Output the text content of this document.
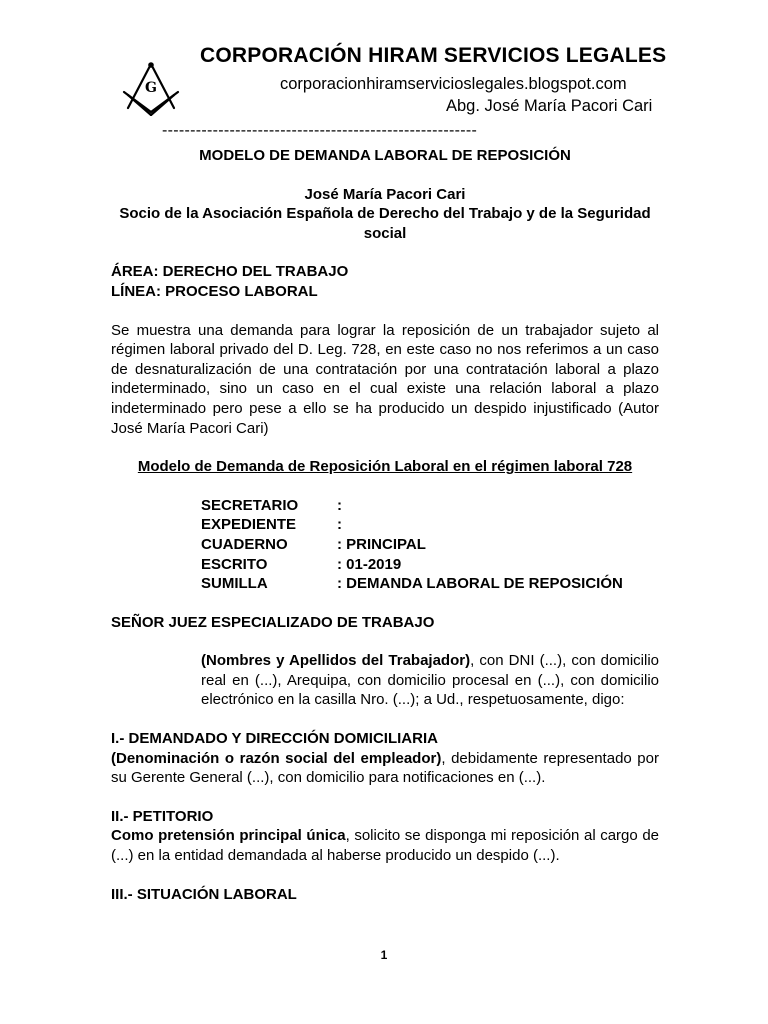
G
CORPORACIÓN HIRAM SERVICIOS LEGALES
corporacionhiramservicioslegales.blogspot.com
Abg. José María Pacori Cari
--------------------------------------------------------

MODELO DE DEMANDA LABORAL DE REPOSICIÓN

José María Pacori Cari

Socio de la Asociación Española de Derecho del Trabajo y de la Seguridad social

ÁREA: DERECHO DEL TRABAJO

LÍNEA: PROCESO LABORAL

Se muestra una demanda para lograr la reposición de un trabajador sujeto al régimen laboral privado del D. Leg. 728, en este caso no nos referimos a un caso de desnaturalización de una contratación por una contratación laboral a plazo indeterminado, sino un caso en el cual existe una relación laboral a plazo indeterminado pero pese a ello se ha producido un despido injustificado (Autor José María Pacori Cari)

Modelo de Demanda de Reposición Laboral en el régimen laboral 728

SECRETARIO	:
EXPEDIENTE	:
CUADERNO	: PRINCIPAL
ESCRITO	: 01-2019
SUMILLA	: DEMANDA LABORAL DE REPOSICIÓN

SEÑOR JUEZ ESPECIALIZADO DE TRABAJO

(Nombres y Apellidos del Trabajador), con DNI (...), con domicilio real en (...), Arequipa, con domicilio procesal en (...), con domicilio electrónico en la casilla Nro. (...); a Ud., respetuosamente, digo:

I.- DEMANDADO Y DIRECCIÓN DOMICILIARIA

(Denominación o razón social del empleador), debidamente representado por su Gerente General (...), con domicilio para notificaciones en (...).

II.- PETITORIO

Como pretensión principal única, solicito se disponga mi reposición al cargo de (...) en la entidad demandada al haberse producido un despido (...).

III.- SITUACIÓN LABORAL

1
